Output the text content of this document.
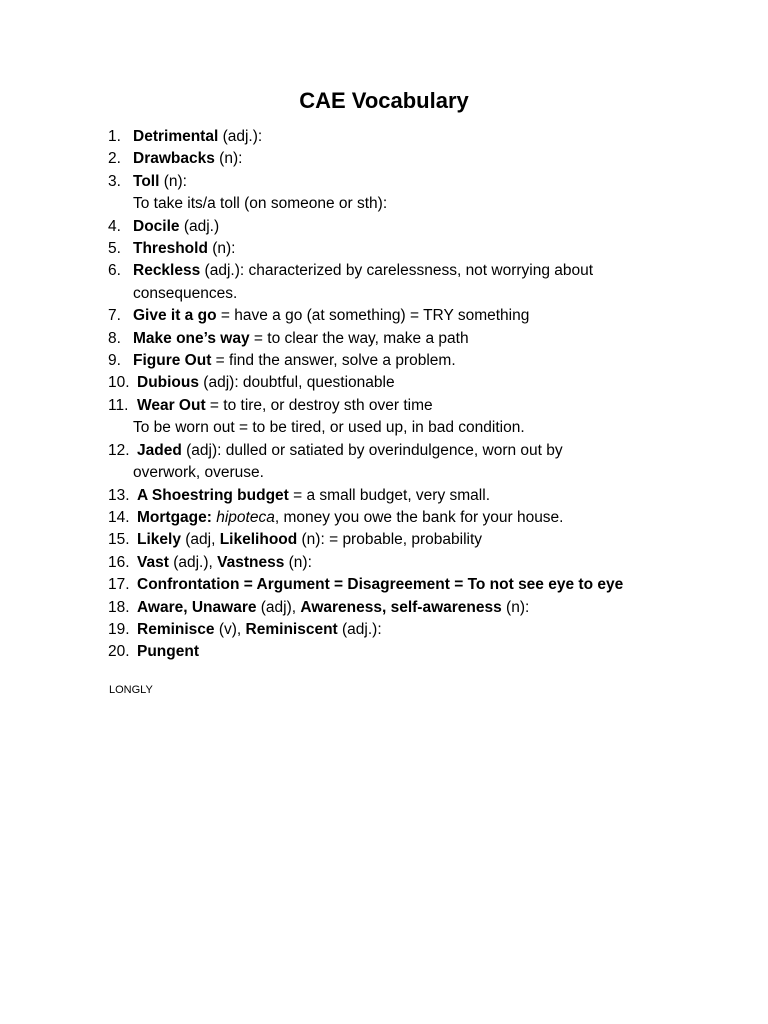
CAE Vocabulary
1. Detrimental (adj.):
2. Drawbacks (n):
3. Toll (n):
To take its/a toll (on someone or sth):
4. Docile (adj.)
5. Threshold (n):
6. Reckless (adj.): characterized by carelessness, not worrying about
consequences.
7. Give it a go = have a go (at something) = TRY something
8. Make one’s way = to clear the way, make a path
9. Figure Out = find the answer, solve a problem.
10. Dubious (adj): doubtful, questionable
11. Wear Out = to tire, or destroy sth over time
To be worn out = to be tired, or used up, in bad condition.
12. Jaded (adj): dulled or satiated by overindulgence, worn out by
overwork, overuse.
13. A Shoestring budget = a small budget, very small.
14. Mortgage: hipoteca, money you owe the bank for your house.
15. Likely (adj, Likelihood (n): = probable, probability
16. Vast (adj.), Vastness (n):
17. Confrontation = Argument = Disagreement = To not see eye to eye
18. Aware, Unaware (adj), Awareness, self-awareness (n):
19. Reminisce (v), Reminiscent (adj.):
20. Pungent
LONGLY
